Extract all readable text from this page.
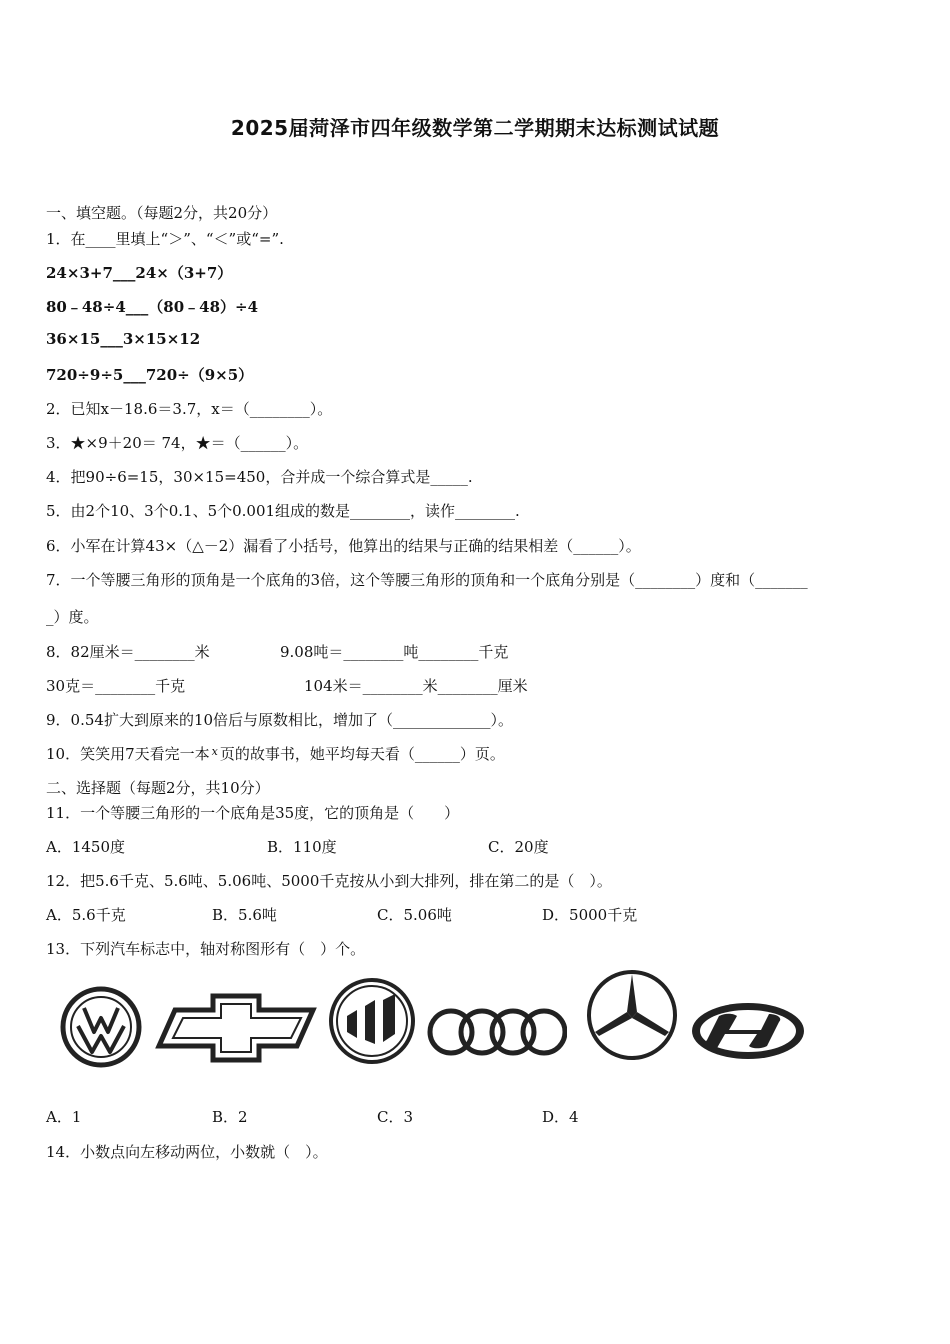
2025届菏泽市四年级数学第二学期期末达标测试试题
一、填空题。（每题2分，共20分）
1．在____里填上“＞”、“＜”或“=”.
24×3+7___24×（3+7）
80﹣48÷4___（80﹣48）÷4
36×15___3×15×12
720÷9÷5___720÷（9×5）
2．已知x－18.6＝3.7，x＝（________）。
3．★×9＋20＝ 74，★＝（______）。
4．把90÷6=15，30×15=450，合并成一个综合算式是_____.
5．由2个10、3个0.1、5个0.001组成的数是________，读作________.
6．小军在计算43×（△－2）漏看了小括号，他算出的结果与正确的结果相差（______）。
7．一个等腰三角形的顶角是一个底角的3倍，这个等腰三角形的顶角和一个底角分别是（________）度和（_______
_）度。
8．82厘米＝________米	9.08吨＝________吨________千克
30克＝________千克	104米＝________米________厘米
9．0.54扩大到原来的10倍后与原数相比，增加了（_____________）。
10．笑笑用7天看完一本 $^x$ 页的故事书，她平均每天看（______）页。
二、选择题（每题2分，共10分）
11．一个等腰三角形的一个底角是35度，它的顶角是（　　）
A．1450度	B．110度	C．20度
12．把5.6千克、5.6吨、5.06吨、5000千克按从小到大排列，排在第二的是（　）。
A．5.6千克	B．5.6吨	C．5.06吨	D．5000千克
13．下列汽车标志中，轴对称图形有（　）个。
A．1	B．2	C．3	D．4
14．小数点向左移动两位，小数就（　）。
